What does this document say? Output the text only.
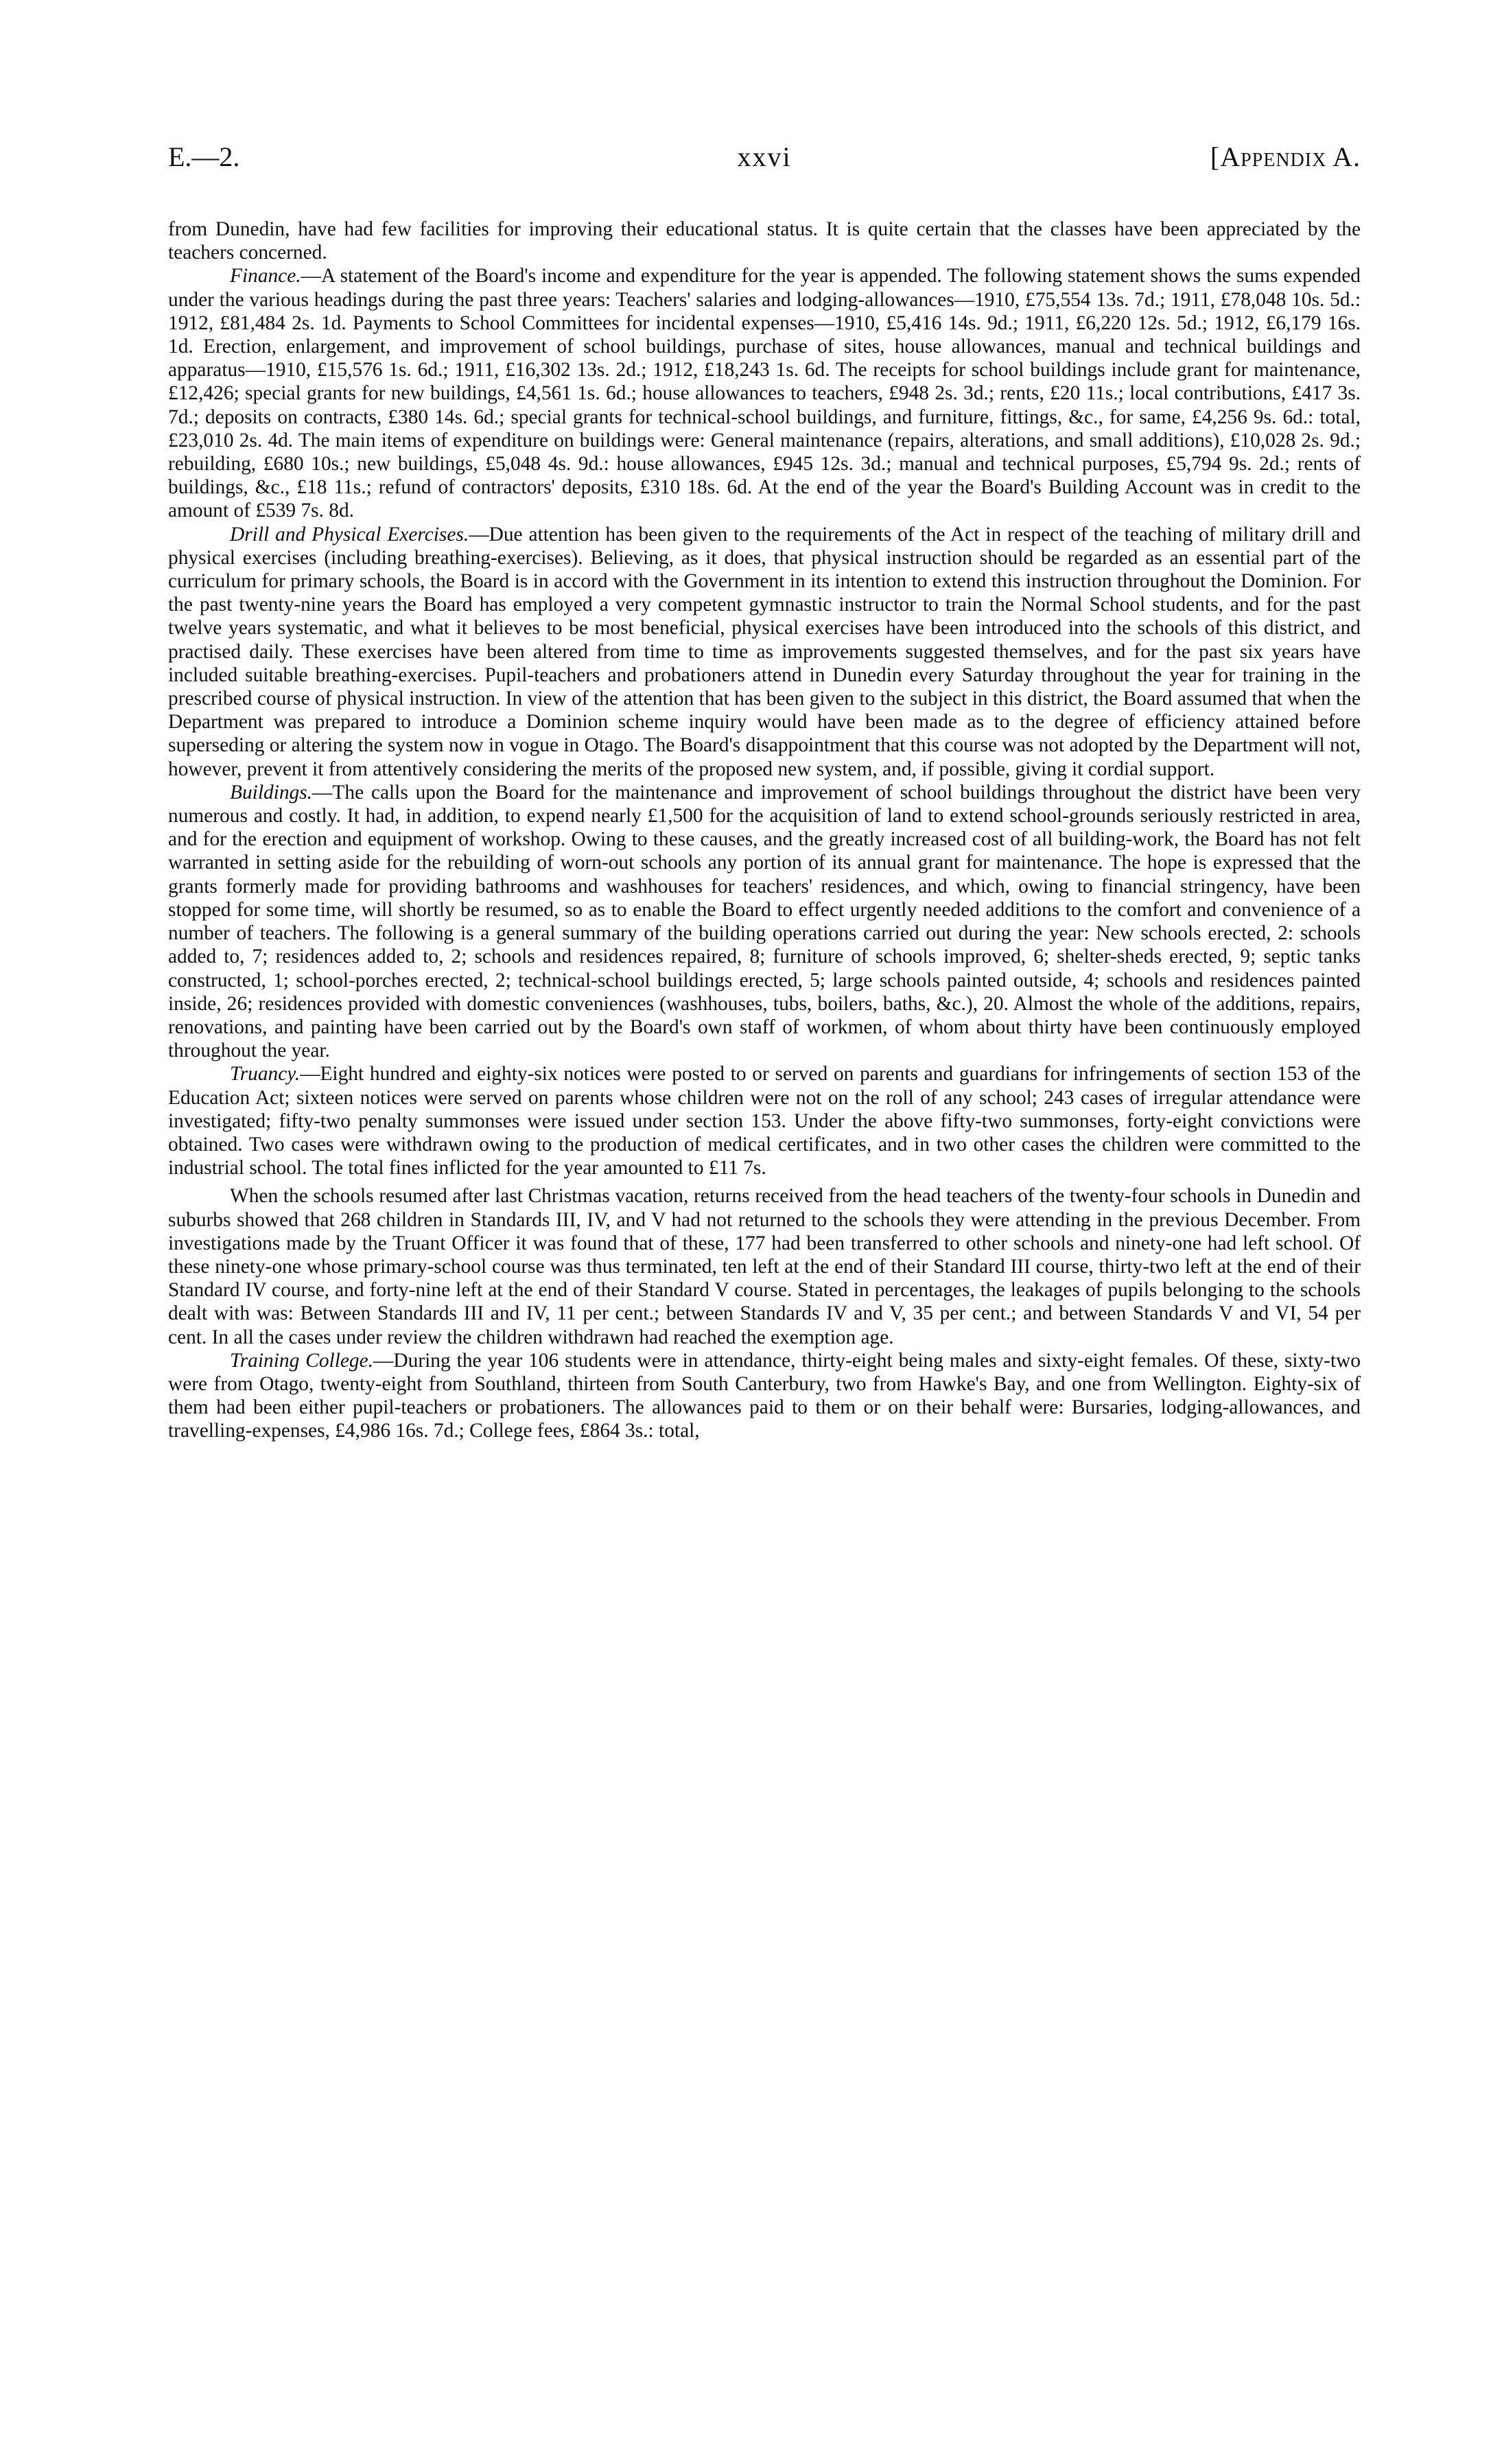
E.—2.	xxvi	[Appendix A.

from Dunedin, have had few facilities for improving their educational status. It is quite certain that the classes have been appreciated by the teachers concerned.

Finance.—A statement of the Board's income and expenditure for the year is appended. The following statement shows the sums expended under the various headings during the past three years: Teachers' salaries and lodging-allowances—1910, £75,554 13s. 7d.; 1911, £78,048 10s. 5d.: 1912, £81,484 2s. 1d. Payments to School Committees for incidental expenses—1910, £5,416 14s. 9d.; 1911, £6,220 12s. 5d.; 1912, £6,179 16s. 1d. Erection, enlargement, and improvement of school buildings, purchase of sites, house allowances, manual and technical buildings and apparatus—1910, £15,576 1s. 6d.; 1911, £16,302 13s. 2d.; 1912, £18,243 1s. 6d. The receipts for school buildings include grant for maintenance, £12,426; special grants for new buildings, £4,561 1s. 6d.; house allowances to teachers, £948 2s. 3d.; rents, £20 11s.; local contributions, £417 3s. 7d.; deposits on contracts, £380 14s. 6d.; special grants for technical-school buildings, and furniture, fittings, &c., for same, £4,256 9s. 6d.: total, £23,010 2s. 4d. The main items of expenditure on buildings were: General maintenance (repairs, alterations, and small additions), £10,028 2s. 9d.; rebuilding, £680 10s.; new buildings, £5,048 4s. 9d.: house allowances, £945 12s. 3d.; manual and technical purposes, £5,794 9s. 2d.; rents of buildings, &c., £18 11s.; refund of contractors' deposits, £310 18s. 6d. At the end of the year the Board's Building Account was in credit to the amount of £539 7s. 8d.

Drill and Physical Exercises.—Due attention has been given to the requirements of the Act in respect of the teaching of military drill and physical exercises (including breathing-exercises). Believing, as it does, that physical instruction should be regarded as an essential part of the curriculum for primary schools, the Board is in accord with the Government in its intention to extend this instruction throughout the Dominion. For the past twenty-nine years the Board has employed a very competent gymnastic instructor to train the Normal School students, and for the past twelve years systematic, and what it believes to be most beneficial, physical exercises have been introduced into the schools of this district, and practised daily. These exercises have been altered from time to time as improvements suggested themselves, and for the past six years have included suitable breathing-exercises. Pupil-teachers and probationers attend in Dunedin every Saturday throughout the year for training in the prescribed course of physical instruction. In view of the attention that has been given to the subject in this district, the Board assumed that when the Department was prepared to introduce a Dominion scheme inquiry would have been made as to the degree of efficiency attained before superseding or altering the system now in vogue in Otago. The Board's disappointment that this course was not adopted by the Department will not, however, prevent it from attentively considering the merits of the proposed new system, and, if possible, giving it cordial support.

Buildings.—The calls upon the Board for the maintenance and improvement of school buildings throughout the district have been very numerous and costly. It had, in addition, to expend nearly £1,500 for the acquisition of land to extend school-grounds seriously restricted in area, and for the erection and equipment of workshop. Owing to these causes, and the greatly increased cost of all building-work, the Board has not felt warranted in setting aside for the rebuilding of worn-out schools any portion of its annual grant for maintenance. The hope is expressed that the grants formerly made for providing bathrooms and washhouses for teachers' residences, and which, owing to financial stringency, have been stopped for some time, will shortly be resumed, so as to enable the Board to effect urgently needed additions to the comfort and convenience of a number of teachers. The following is a general summary of the building operations carried out during the year: New schools erected, 2: schools added to, 7; residences added to, 2; schools and residences repaired, 8; furniture of schools improved, 6; shelter-sheds erected, 9; septic tanks constructed, 1; school-porches erected, 2; technical-school buildings erected, 5; large schools painted outside, 4; schools and residences painted inside, 26; residences provided with domestic conveniences (washhouses, tubs, boilers, baths, &c.), 20. Almost the whole of the additions, repairs, renovations, and painting have been carried out by the Board's own staff of workmen, of whom about thirty have been continuously employed throughout the year.

Truancy.—Eight hundred and eighty-six notices were posted to or served on parents and guardians for infringements of section 153 of the Education Act; sixteen notices were served on parents whose children were not on the roll of any school; 243 cases of irregular attendance were investigated; fifty-two penalty summonses were issued under section 153. Under the above fifty-two summonses, forty-eight convictions were obtained. Two cases were withdrawn owing to the production of medical certificates, and in two other cases the children were committed to the industrial school. The total fines inflicted for the year amounted to £11 7s.

When the schools resumed after last Christmas vacation, returns received from the head teachers of the twenty-four schools in Dunedin and suburbs showed that 268 children in Standards III, IV, and V had not returned to the schools they were attending in the previous December. From investigations made by the Truant Officer it was found that of these, 177 had been transferred to other schools and ninety-one had left school. Of these ninety-one whose primary-school course was thus terminated, ten left at the end of their Standard III course, thirty-two left at the end of their Standard IV course, and forty-nine left at the end of their Standard V course. Stated in percentages, the leakages of pupils belonging to the schools dealt with was: Between Standards III and IV, 11 per cent.; between Standards IV and V, 35 per cent.; and between Standards V and VI, 54 per cent. In all the cases under review the children withdrawn had reached the exemption age.

Training College.—During the year 106 students were in attendance, thirty-eight being males and sixty-eight females. Of these, sixty-two were from Otago, twenty-eight from Southland, thirteen from South Canterbury, two from Hawke's Bay, and one from Wellington. Eighty-six of them had been either pupil-teachers or probationers. The allowances paid to them or on their behalf were: Bursaries, lodging-allowances, and travelling-expenses, £4,986 16s. 7d.; College fees, £864 3s.: total,
